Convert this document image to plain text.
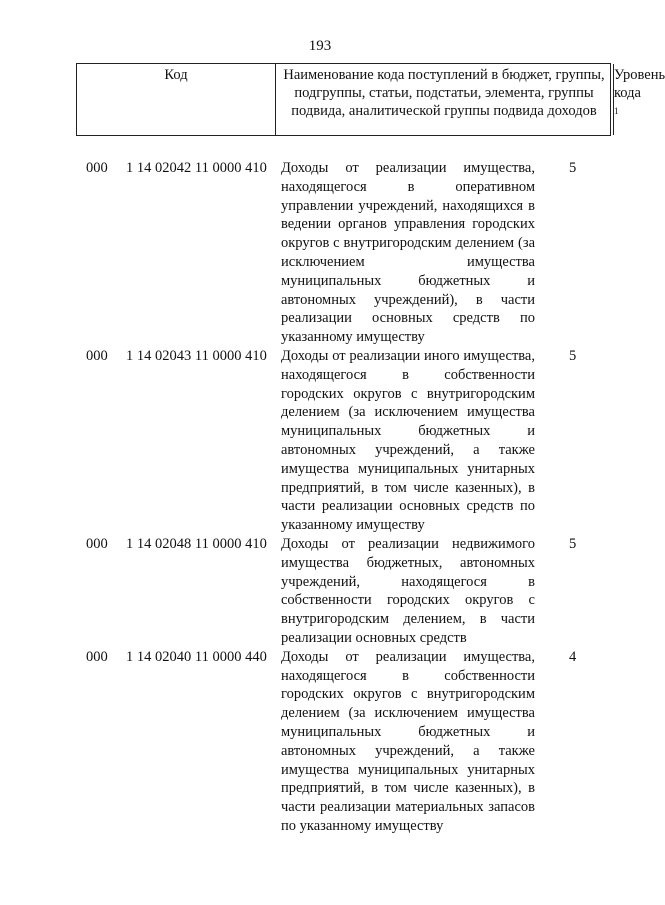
193
Код	Наименование кода поступлений в бюджет, группы, подгруппы, статьи, подстатьи, элемента, группы подвида, аналитической группы подвида доходов
Уровень кода $^1$
000 1 14 02042 11 0000 410 Доходы от реализации имущества, находящегося в оперативном управлении учреждений, находящихся в ведении органов управления городских округов с внутригородским делением (за исключением имущества муниципальных бюджетных и автономных учреждений), в части реализации основных средств по указанному имуществу
5
000 1 14 02043 11 0000 410 Доходы от реализации иного имущества, находящегося в собственности городских округов с внутригородским делением (за исключением имущества муниципальных бюджетных и автономных учреждений, а также имущества муниципальных унитарных предприятий, в том числе казенных), в части реализации основных средств по указанному имуществу
5
000 1 14 02048 11 0000 410 Доходы от реализации недвижимого имущества бюджетных, автономных учреждений, находящегося в собственности городских округов с внутригородским делением, в части реализации основных средств
5
000 1 14 02040 11 0000 440 Доходы от реализации имущества, находящегося в собственности городских округов с внутригородским делением (за исключением имущества муниципальных бюджетных и автономных учреждений, а также имущества муниципальных унитарных предприятий, в том числе казенных), в части реализации материальных запасов по указанному имуществу
4
